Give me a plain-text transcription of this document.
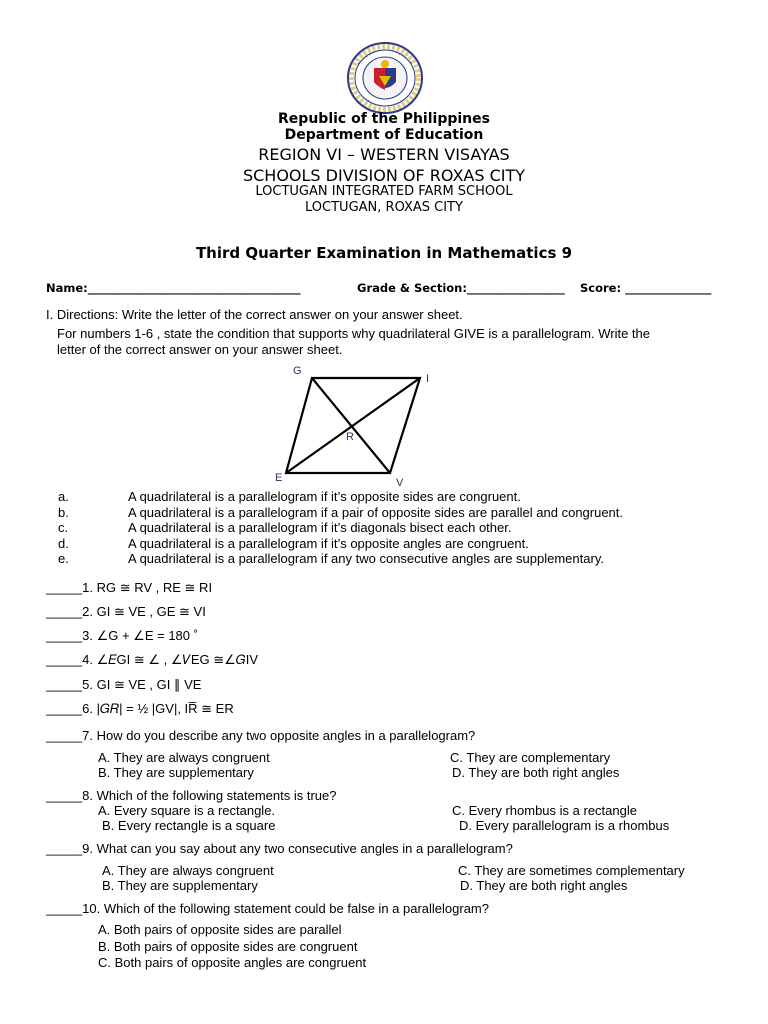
Republic of the Philippines
Department of Education
REGION VI – WESTERN VISAYAS
SCHOOLS DIVISION OF ROXAS CITY
LOCTUGAN INTEGRATED FARM SCHOOL
LOCTUGAN, ROXAS CITY
Third Quarter Examination in Mathematics 9
Name:_____________________________________	Grade & Section:_________________ Score: _______________
I. Directions: Write the letter of the correct answer on your answer sheet.
For numbers 1-6 , state the condition that supports why quadrilateral GIVE is a parallelogram. Write the
letter of the correct answer on your answer sheet.
G
I
R
E	V
a.	A quadrilateral is a parallelogram if it’s opposite sides are congruent.
b.	A quadrilateral is a parallelogram if a pair of opposite sides are parallel and congruent.
c.	A quadrilateral is a parallelogram if it’s diagonals bisect each other.
d.	A quadrilateral is a parallelogram if it’s opposite angles are congruent.
e.	A quadrilateral is a parallelogram if any two consecutive angles are supplementary.
_____1. RG ≅ RV , RE ≅ RI
_____2. GI ≅ VE , GE ≅ VI
_____3. ∠G + ∠E = 180 ˚
_____4. ∠𝐸GI ≅ ∠ , ∠𝑉EG ≅∠𝐺IV
_____5. GI ≅ VE , GI ∥ VE
_____6. |𝐺𝑅| = ½ |GV|, IR̅ ≅ ER
_____7. How do you describe any two opposite angles in a parallelogram?
A. They are always congruent	C. They are complementary
B. They are supplementary	D. They are both right angles
_____8. Which of the following statements is true?
A. Every square is a rectangle.	C. Every rhombus is a rectangle
B. Every rectangle is a square	D. Every parallelogram is a rhombus
_____9. What can you say about any two consecutive angles in a parallelogram?
A. They are always congruent	C. They are sometimes complementary
B. They are supplementary	D. They are both right angles
_____10. Which of the following statement could be false in a parallelogram?
A. Both pairs of opposite sides are parallel
B. Both pairs of opposite sides are congruent
C. Both pairs of opposite angles are congruent
